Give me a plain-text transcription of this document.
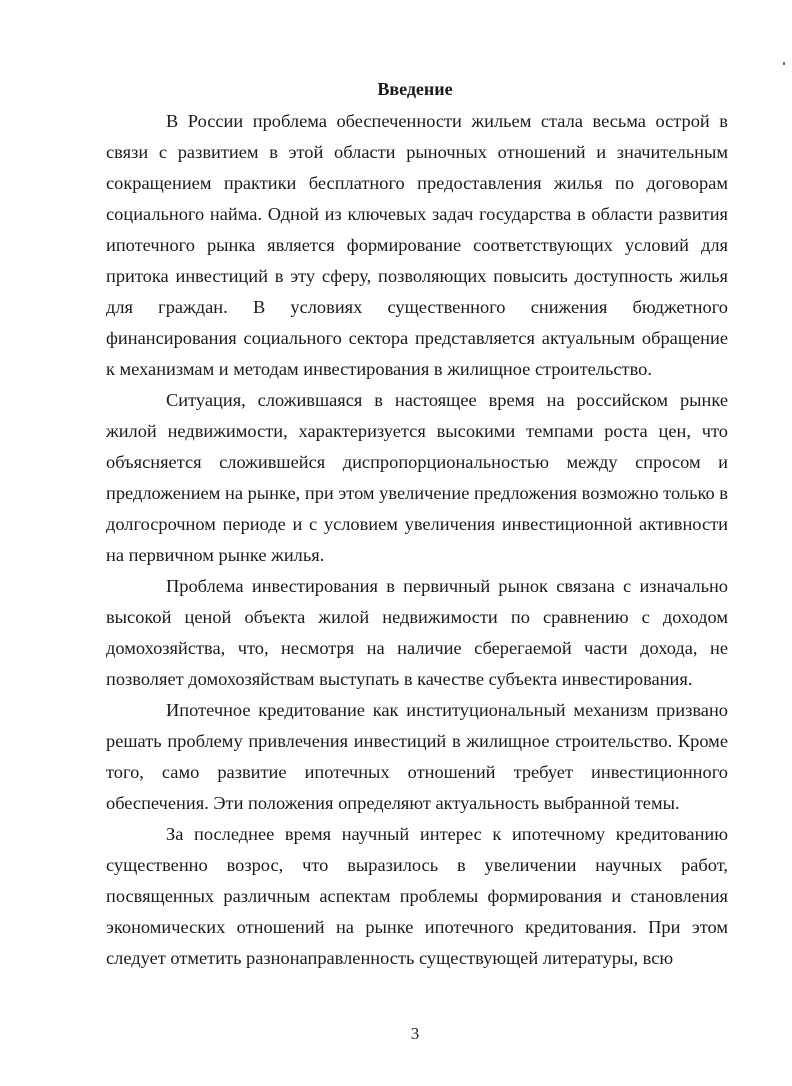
Введение

В России проблема обеспеченности жильем стала весьма острой в связи с развитием в этой области рыночных отношений и значительным сокращением практики бесплатного предоставления жилья по договорам социального найма. Одной из ключевых задач государства в области развития ипотечного рынка является формирование соответствующих условий для притока инвестиций в эту сферу, позволяющих повысить доступность жилья для граждан. В условиях существенного снижения бюджетного финансирования социального сектора представляется актуальным обращение к механизмам и методам инвестирования в жилищное строительство.

Ситуация, сложившаяся в настоящее время на российском рынке жилой недвижимости, характеризуется высокими темпами роста цен, что объясняется сложившейся диспропорциональностью между спросом и предложением на рынке, при этом увеличение предложения возможно только в долгосрочном периоде и с условием увеличения инвестиционной активности на первичном рынке жилья.

Проблема инвестирования в первичный рынок связана с изначально высокой ценой объекта жилой недвижимости по сравнению с доходом домохозяйства, что, несмотря на наличие сберегаемой части дохода, не позволяет домохозяйствам выступать в качестве субъекта инвестирования.

Ипотечное кредитование как институциональный механизм призвано решать проблему привлечения инвестиций в жилищное строительство. Кроме того, само развитие ипотечных отношений требует инвестиционного обеспечения. Эти положения определяют актуальность выбранной темы.

За последнее время научный интерес к ипотечному кредитованию существенно возрос, что выразилось в увеличении научных работ, посвященных различным аспектам проблемы формирования и становления экономических отношений на рынке ипотечного кредитования. При этом следует отметить разнонаправленность существующей литературы, всю

3
